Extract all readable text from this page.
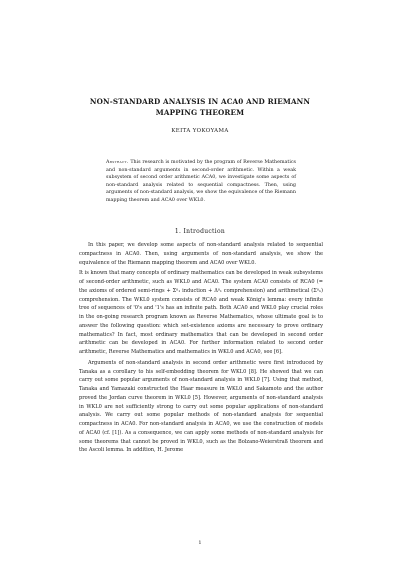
NON-STANDARD ANALYSIS IN ACA0 AND RIEMANN MAPPING THEOREM
KEITA YOKOYAMA
Abstract. This research is motivated by the program of Reverse Mathematics and non-standard arguments in second-order arithmetic. Within a weak subsystem of second order arithmetic ACA0, we investigate some aspects of non-standard analysis related to sequential compactness. Then, using arguments of non-standard analysis, we show the equivalence of the Riemann mapping theorem and ACA0 over WKL0.
1. Introduction

In this paper, we develop some aspects of non-standard analysis related to sequential compactness in ACA0. Then, using arguments of non-standard analysis, we show the equivalence of the Riemann mapping theorem and ACA0 over WKL0.

It is known that many concepts of ordinary mathematics can be developed in weak subsystems of second-order arithmetic, such as WKL0 and ACA0. The system ACA0 consists of RCA0 (= the axioms of ordered semi-rings + Σ⁰₁ induction + Δ⁰₁ comprehension) and arithmetical (Σ⁰ₙ) comprehension. The WKL0 system consists of RCA0 and weak König's lemma: every infinite tree of sequences of '0's and '1's has an infinite path. Both ACA0 and WKL0 play crucial roles in the on-going research program known as Reverse Mathematics, whose ultimate goal is to answer the following question: which set-existence axioms are necessary to prove ordinary mathematics? In fact, most ordinary mathematics that can be developed in second order arithmetic can be developed in ACA0. For further information related to second order arithmetic, Reverse Mathematics and mathematics in WKL0 and ACA0, see [6].

Arguments of non-standard analysis in second order arithmetic were first introduced by Tanaka as a corollary to his self-embedding theorem for WKL0 [8]. He showed that we can carry out some popular arguments of non-standard analysis in WKL0 [7]. Using that method, Tanaka and Yamazaki constructed the Haar measure in WKL0 and Sakamoto and the author proved the Jordan curve theorem in WKL0 [5]. However, arguments of non-standard analysis in WKL0 are not sufficiently strong to carry out some popular applications of non-standard analysis. We carry out some popular methods of non-standard analysis for sequential compactness in ACA0. For non-standard analysis in ACA0, we use the construction of models of ACA0 (cf. [1]). As a consequence, we can apply some methods of non-standard analysis for some theorems that cannot be proved in WKL0, such as the Bolzano-Weierstraß theorem and the Ascoli lemma. In addition, H. Jerome

1
